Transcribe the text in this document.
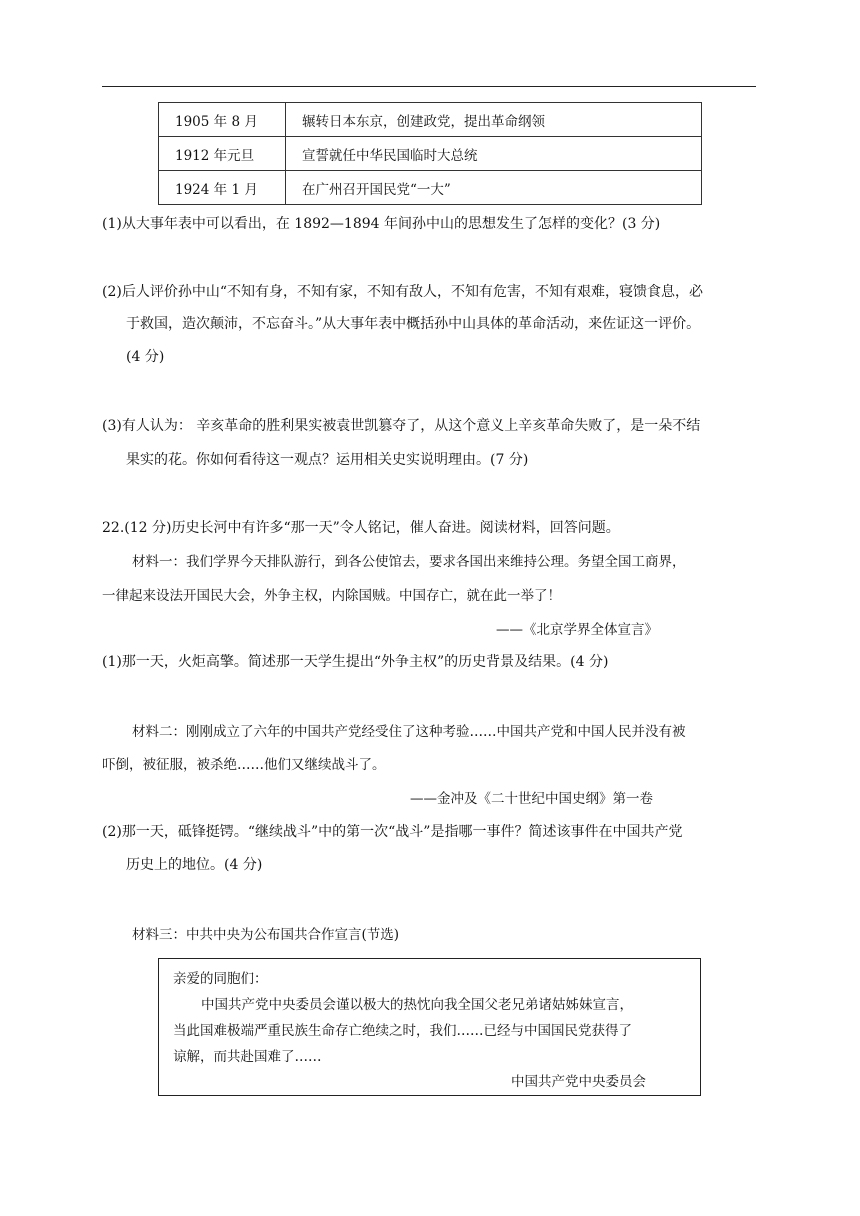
1905 年 8 月	辗转日本东京，创建政党，提出革命纲领
1912 年元旦	宣誓就任中华民国临时大总统
1924 年 1 月	在广州召开国民党“一大”
(1)从大事年表中可以看出，在 1892—1894 年间孙中山的思想发生了怎样的变化？(3 分)
(2)后人评价孙中山“不知有身，不知有家，不知有敌人，不知有危害，不知有艰难，寝馈食息，必
于救国，造次颠沛，不忘奋斗。”从大事年表中概括孙中山具体的革命活动，来佐证这一评价。
(4 分)
(3)有人认为： 辛亥革命的胜利果实被袁世凯篡夺了，从这个意义上辛亥革命失败了，是一朵不结
果实的花。你如何看待这一观点？运用相关史实说明理由。(7 分)
22.(12 分)历史长河中有许多“那一天”令人铭记，催人奋进。阅读材料，回答问题。
材料一：我们学界今天排队游行，到各公使馆去，要求各国出来维持公理。务望全国工商界，
一律起来设法开国民大会，外争主权，内除国贼。中国存亡，就在此一举了！
——《北京学界全体宣言》
(1)那一天，火炬高擎。简述那一天学生提出“外争主权”的历史背景及结果。(4 分)
材料二：刚刚成立了六年的中国共产党经受住了这种考验……中国共产党和中国人民并没有被
吓倒，被征服，被杀绝……他们又继续战斗了。
——金冲及《二十世纪中国史纲》第一卷
(2)那一天，砥锋挺锷。“继续战斗”中的第一次“战斗”是指哪一事件？简述该事件在中国共产党
历史上的地位。(4 分)
材料三：中共中央为公布国共合作宣言(节选)
亲爱的同胞们：
中国共产党中央委员会谨以极大的热忱向我全国父老兄弟诸姑姊妹宣言，
当此国难极端严重民族生命存亡绝续之时，我们……已经与中国国民党获得了
谅解，而共赴国难了……
中国共产党中央委员会
